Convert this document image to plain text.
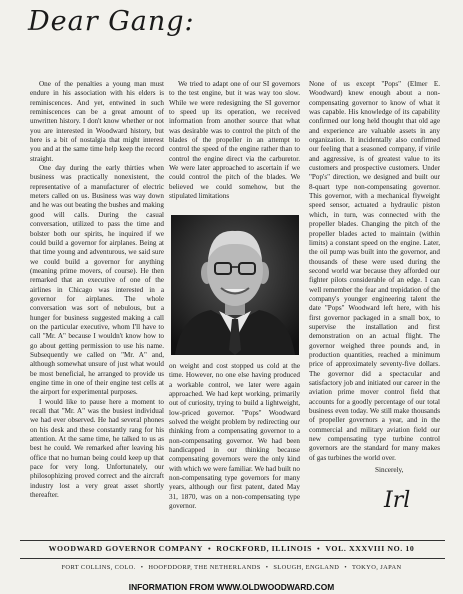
Dear Gang:

One of the penalties a young man must endure in his association with his elders is reminiscences. And yet, entwined in such reminiscences can be a great amount of unwritten history. I don't know whether or not you are interested in Woodward history, but here is a bit of nostalgia that might interest you and at the same time help keep the record straight.

One day during the early thirties when business was practically nonexistent, the representative of a manufacturer of electric meters called on us. Business was way down and he was out beating the bushes and making good will calls. During the casual conversation, utilized to pass the time and bolster both our spirits, he inquired if we could build a governor for airplanes. Being at that time young and adventurous, we said sure we could build a governor for anything (meaning prime movers, of course). He then remarked that an executive of one of the airlines in Chicago was interested in a governor for airplanes. The whole conversation was sort of nebulous, but a hunger for business suggested making a call on the particular executive, whom I'll have to call "Mr. A" because I wouldn't know how to go about getting permission to use his name. Subsequently we called on "Mr. A" and, although somewhat unsure of just what would be most beneficial, he arranged to provide us engine time in one of their engine test cells at the airport for experimental purposes.

I would like to pause here a moment to recall that "Mr. A" was the busiest individual we had ever observed. He had several phones on his desk and these constantly rang for his attention. At the same time, he talked to us as best he could. We remarked after leaving his office that no human being could keep up that pace for very long. Unfortunately, our philosophizing proved correct and the aircraft industry lost a very great asset shortly thereafter.

We tried to adapt one of our SI governors to the test engine, but it was way too slow. While we were redesigning the SI governor to speed up its operation, we received information from another source that what was desirable was to control the pitch of the blades of the propeller in an attempt to control the speed of the engine rather than to control the engine direct via the carburetor. We were later approached to ascertain if we could control the pitch of the blades. We believed we could somehow, but the stipulated limitations

on weight and cost stopped us cold at the time. However, no one else having produced a workable control, we later were again approached. We had kept working, primarily out of curiosity, trying to build a lightweight, low-priced governor. "Pops" Woodward solved the weight problem by redirecting our thinking from a compensating governor to a non-compensating governor. We had been handicapped in our thinking because compensating governors were the only kind with which we were familiar. We had built no non-compensating type governors for many years, although our first patent, dated May 31, 1870, was on a non-compensating type governor.

None of us except "Pops" (Elmer E. Woodward) knew enough about a non-compensating governor to know of what it was capable. His knowledge of its capability confirmed our long held thought that old age and experience are valuable assets in any organization. It incidentally also confirmed our feeling that a seasoned company, if virile and aggressive, is of greatest value to its customers and prospective customers. Under "Pop's" direction, we designed and built our 8-quart type non-compensating governor. This governor, with a mechanical flyweight speed sensor, actuated a hydraulic piston which, in turn, was connected with the propeller blades. Changing the pitch of the propeller blades acted to maintain (within limits) a constant speed on the engine. Later, the oil pump was built into the governor, and thousands of these were used during the second world war because they afforded our fighter pilots considerable of an edge. I can well remember the fear and trepidation of the company's younger engineering talent the date "Pops" Woodward left here, with his first governor packaged in a small box, to supervise the installation and first demonstration on an actual flight. The governor weighed three pounds and, in production quantities, reached a minimum price of approximately seventy-five dollars. The governor did a spectacular and satisfactory job and initiated our career in the aviation prime mover control field that accounts for a goodly percentage of our total business even today. We still make thousands of propeller governors a year, and in the commercial and military aviation field our new compensating type turbine control governors are the standard for many makes of gas turbines the world over.

Sincerely,
Irl
WOODWARD GOVERNOR COMPANY • ROCKFORD, ILLINOIS • VOL. XXXVIII NO. 10
FORT COLLINS, COLO. • HOOFDDORP, THE NETHERLANDS • SLOUGH, ENGLAND • TOKYO, JAPAN
INFORMATION FROM WWW.OLDWOODWARD.COM
